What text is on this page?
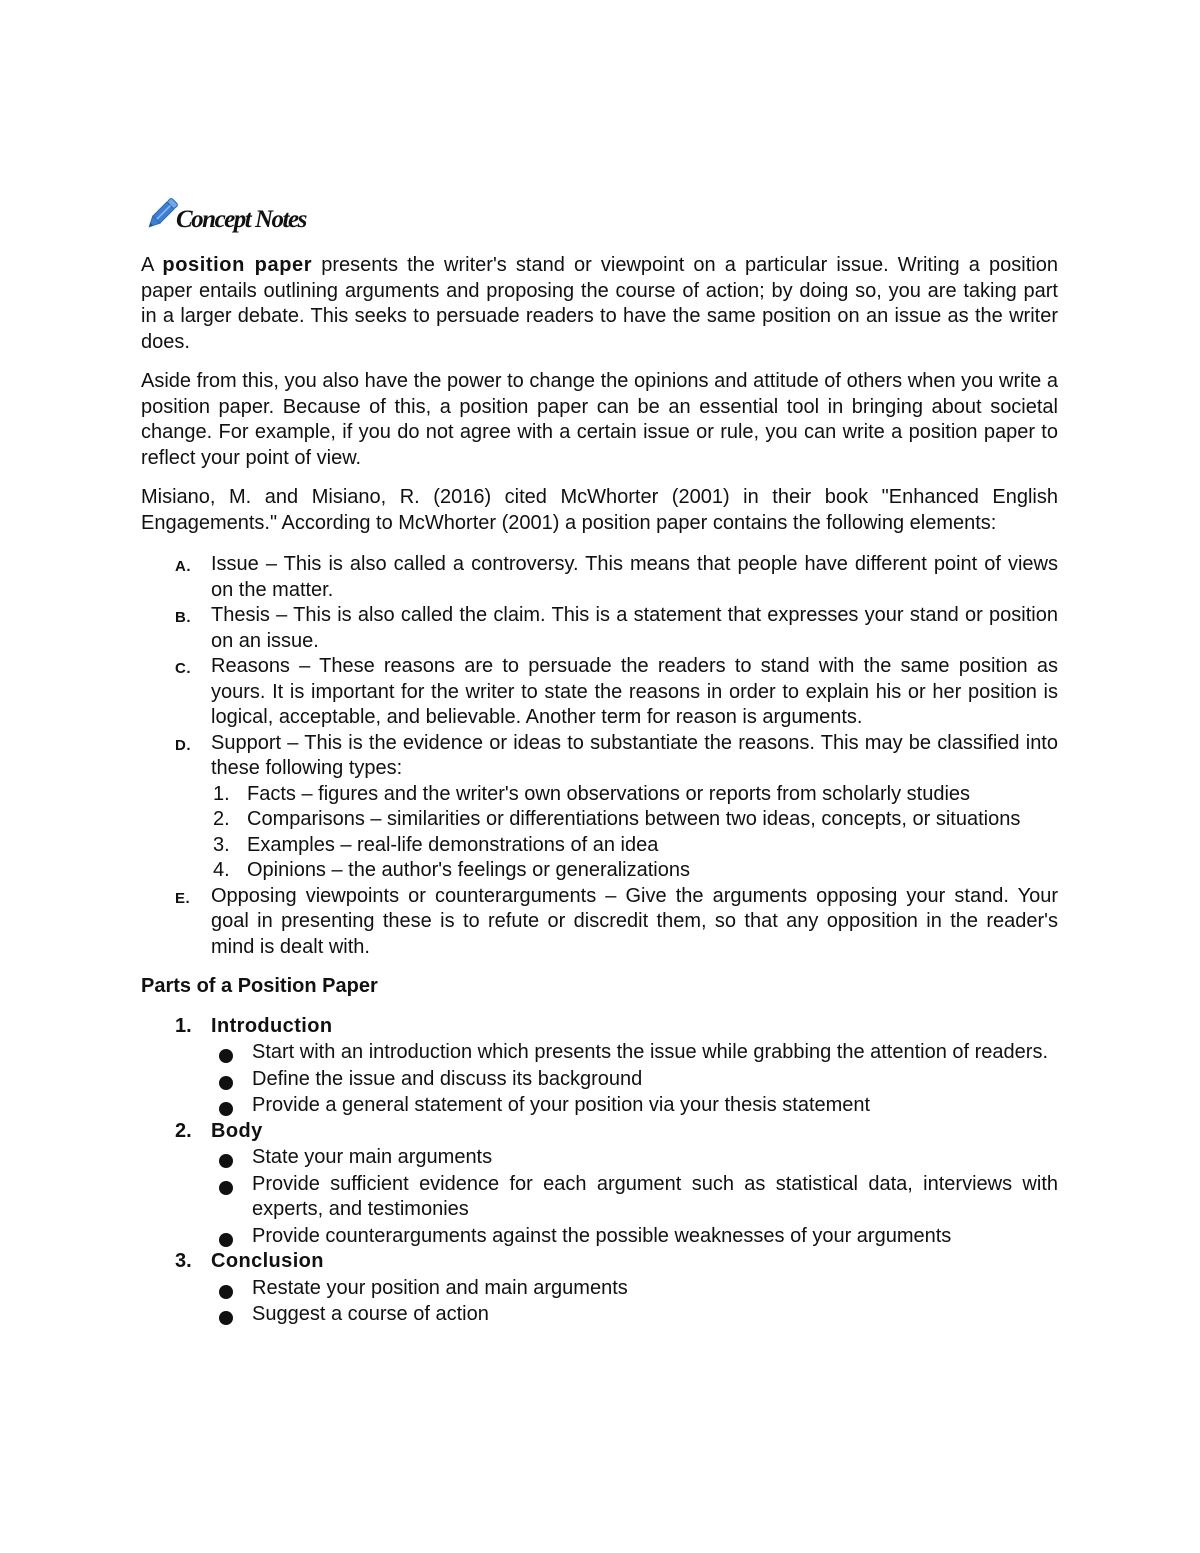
Concept Notes

A position paper presents the writer's stand or viewpoint on a particular issue. Writing a position paper entails outlining arguments and proposing the course of action; by doing so, you are taking part in a larger debate. This seeks to persuade readers to have the same position on an issue as the writer does.

Aside from this, you also have the power to change the opinions and attitude of others when you write a position paper. Because of this, a position paper can be an essential tool in bringing about societal change. For example, if you do not agree with a certain issue or rule, you can write a position paper to reflect your point of view.

Misiano, M. and Misiano, R. (2016) cited McWhorter (2001) in their book "Enhanced English Engagements." According to McWhorter (2001) a position paper contains the following elements:

A. Issue – This is also called a controversy. This means that people have different point of views on the matter.
B. Thesis – This is also called the claim. This is a statement that expresses your stand or position on an issue.
C. Reasons – These reasons are to persuade the readers to stand with the same position as yours. It is important for the writer to state the reasons in order to explain his or her position is logical, acceptable, and believable. Another term for reason is arguments.
D. Support – This is the evidence or ideas to substantiate the reasons. This may be classified into these following types:
1. Facts – figures and the writer's own observations or reports from scholarly studies
2. Comparisons – similarities or differentiations between two ideas, concepts, or situations
3. Examples – real-life demonstrations of an idea
4. Opinions – the author's feelings or generalizations
E. Opposing viewpoints or counterarguments – Give the arguments opposing your stand. Your goal in presenting these is to refute or discredit them, so that any opposition in the reader's mind is dealt with.
Parts of a Position Paper
1. Introduction
Start with an introduction which presents the issue while grabbing the attention of readers.
Define the issue and discuss its background
Provide a general statement of your position via your thesis statement
2. Body
State your main arguments
Provide sufficient evidence for each argument such as statistical data, interviews with experts, and testimonies
Provide counterarguments against the possible weaknesses of your arguments
3. Conclusion
Restate your position and main arguments
Suggest a course of action
